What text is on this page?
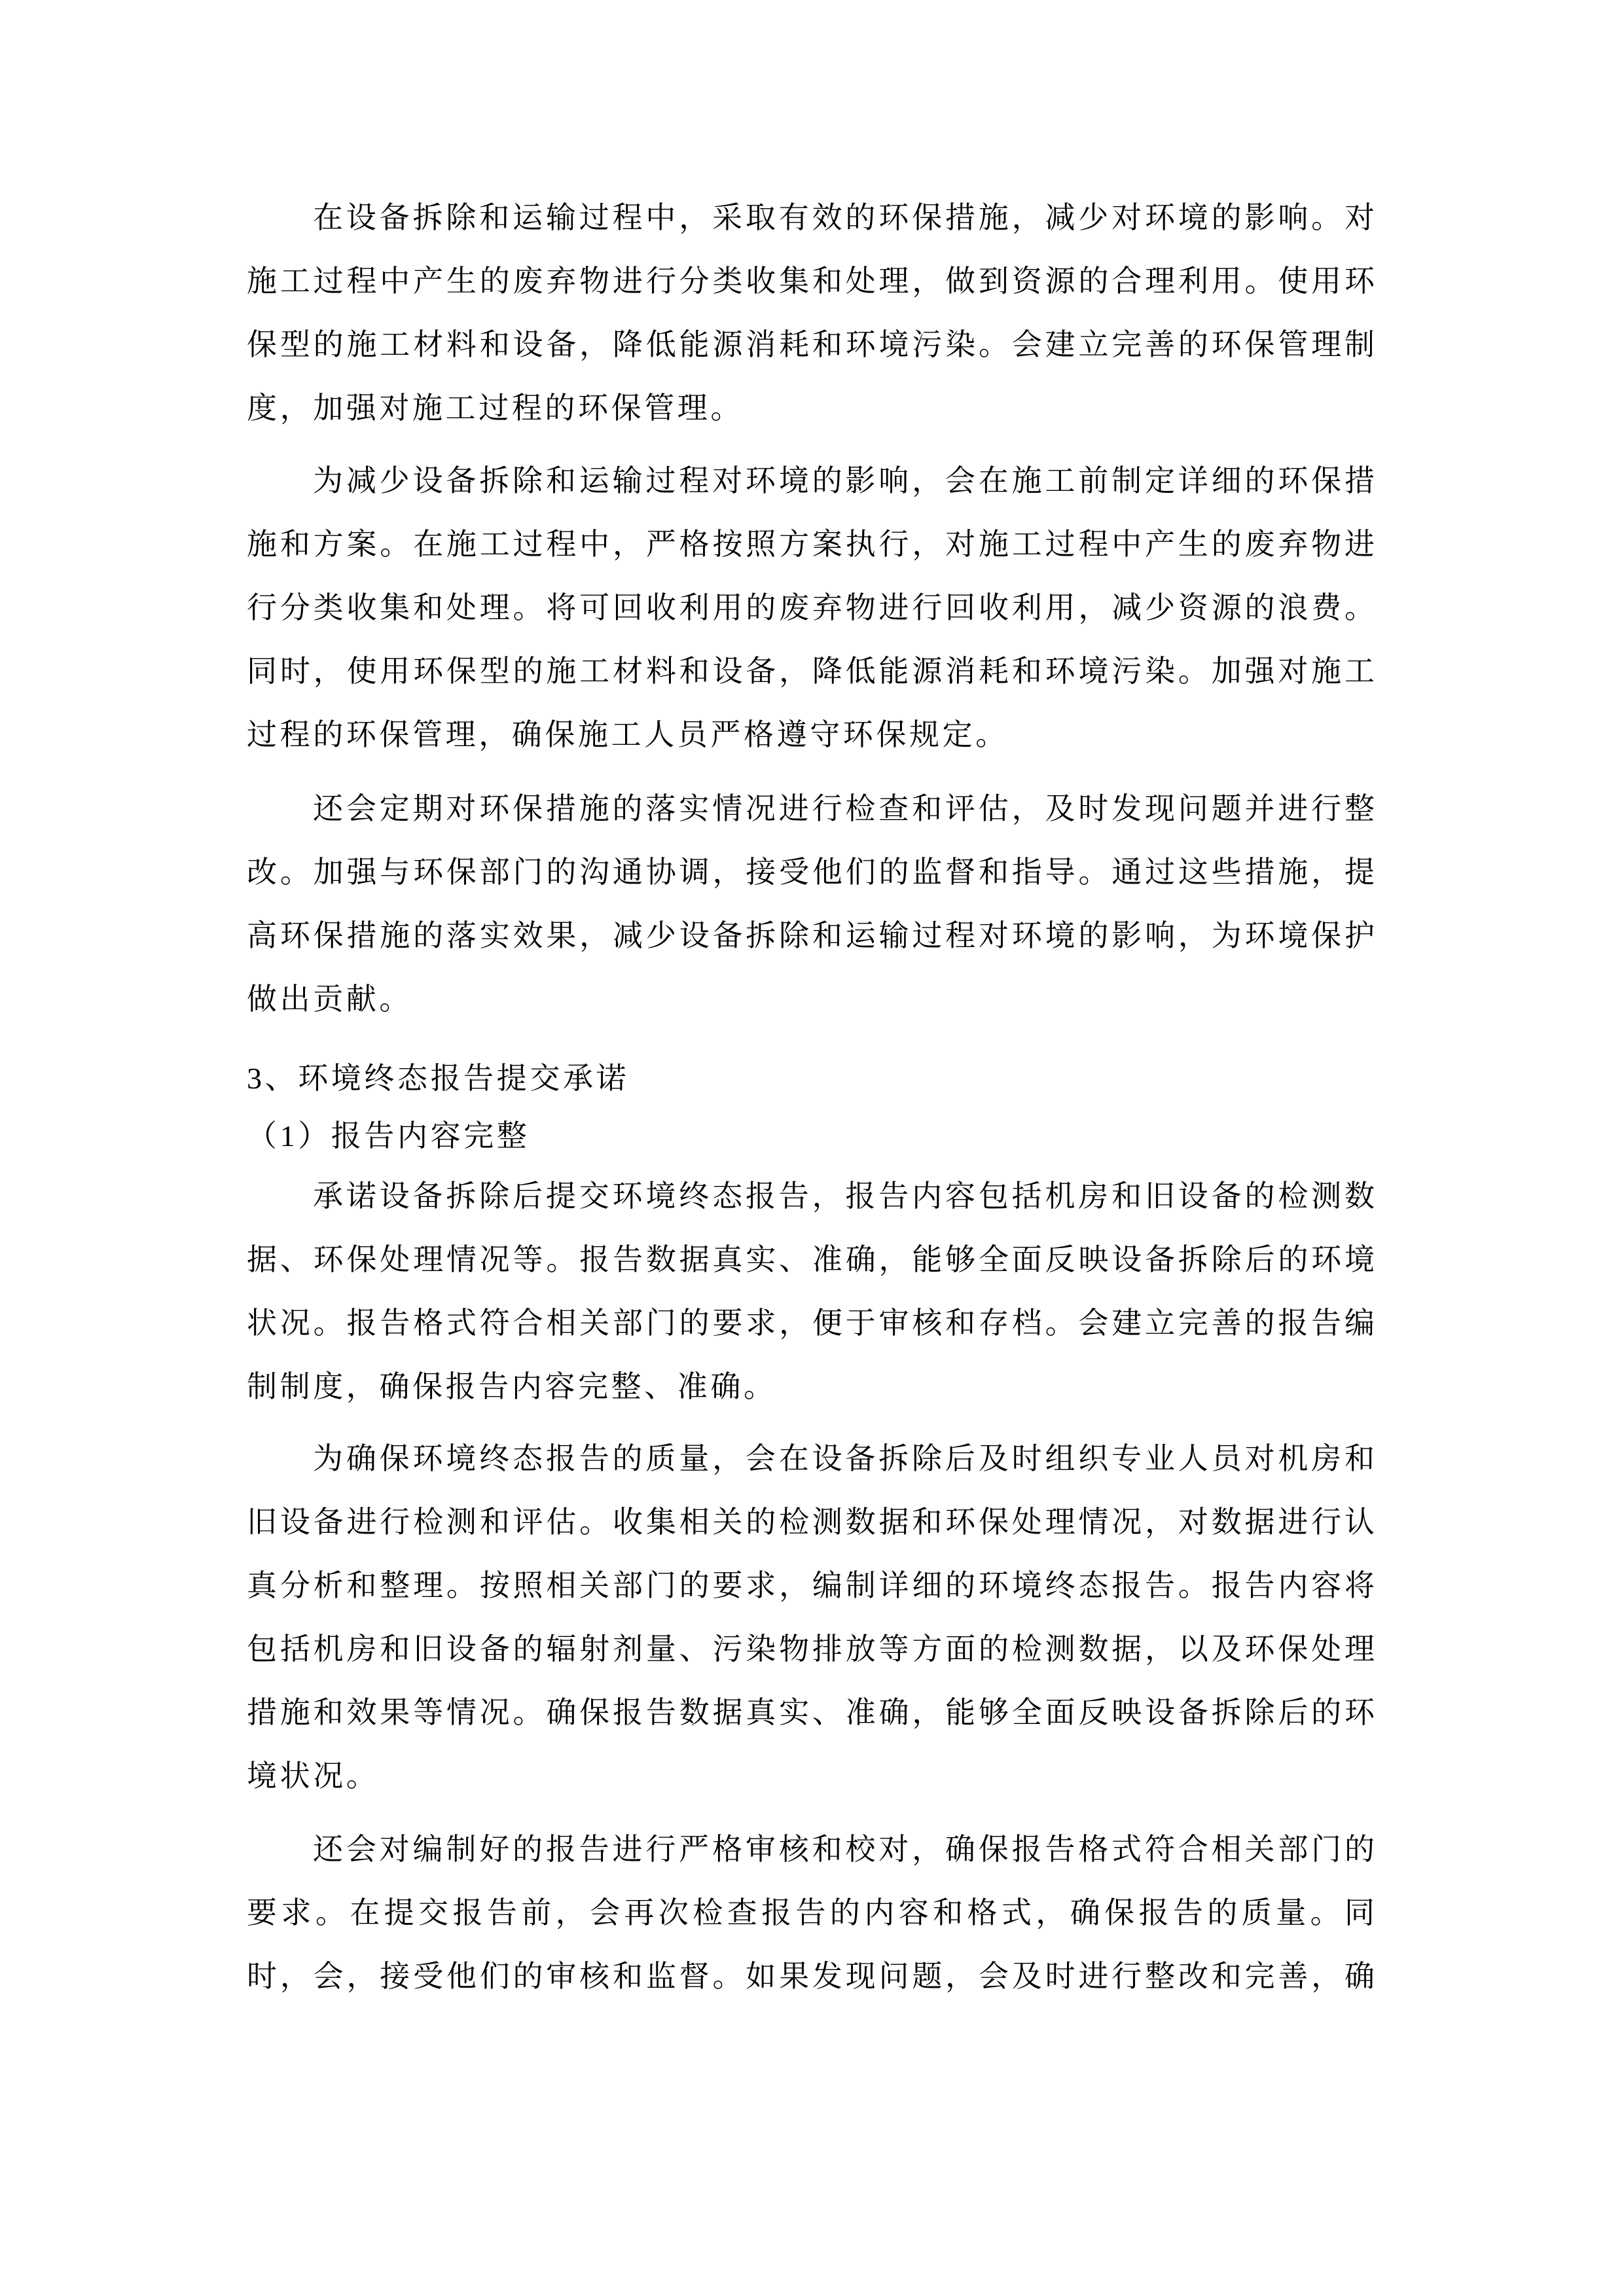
在设备拆除和运输过程中，采取有效的环保措施，减少对环境的影响。对
施工过程中产生的废弃物进行分类收集和处理，做到资源的合理利用。使用环
保型的施工材料和设备，降低能源消耗和环境污染。会建立完善的环保管理制
度，加强对施工过程的环保管理。
为减少设备拆除和运输过程对环境的影响，会在施工前制定详细的环保措
施和方案。在施工过程中，严格按照方案执行，对施工过程中产生的废弃物进
行分类收集和处理。将可回收利用的废弃物进行回收利用，减少资源的浪费。
同时，使用环保型的施工材料和设备，降低能源消耗和环境污染。加强对施工
过程的环保管理，确保施工人员严格遵守环保规定。
还会定期对环保措施的落实情况进行检查和评估，及时发现问题并进行整
改。加强与环保部门的沟通协调，接受他们的监督和指导。通过这些措施，提
高环保措施的落实效果，减少设备拆除和运输过程对环境的影响，为环境保护
做出贡献。
3、环境终态报告提交承诺
（1）报告内容完整
承诺设备拆除后提交环境终态报告，报告内容包括机房和旧设备的检测数
据、环保处理情况等。报告数据真实、准确，能够全面反映设备拆除后的环境
状况。报告格式符合相关部门的要求，便于审核和存档。会建立完善的报告编
制制度，确保报告内容完整、准确。
为确保环境终态报告的质量，会在设备拆除后及时组织专业人员对机房和
旧设备进行检测和评估。收集相关的检测数据和环保处理情况，对数据进行认
真分析和整理。按照相关部门的要求，编制详细的环境终态报告。报告内容将
包括机房和旧设备的辐射剂量、污染物排放等方面的检测数据，以及环保处理
措施和效果等情况。确保报告数据真实、准确，能够全面反映设备拆除后的环
境状况。
还会对编制好的报告进行严格审核和校对，确保报告格式符合相关部门的
要求。在提交报告前，会再次检查报告的内容和格式，确保报告的质量。同
时，会，接受他们的审核和监督。如果发现问题，会及时进行整改和完善，确
